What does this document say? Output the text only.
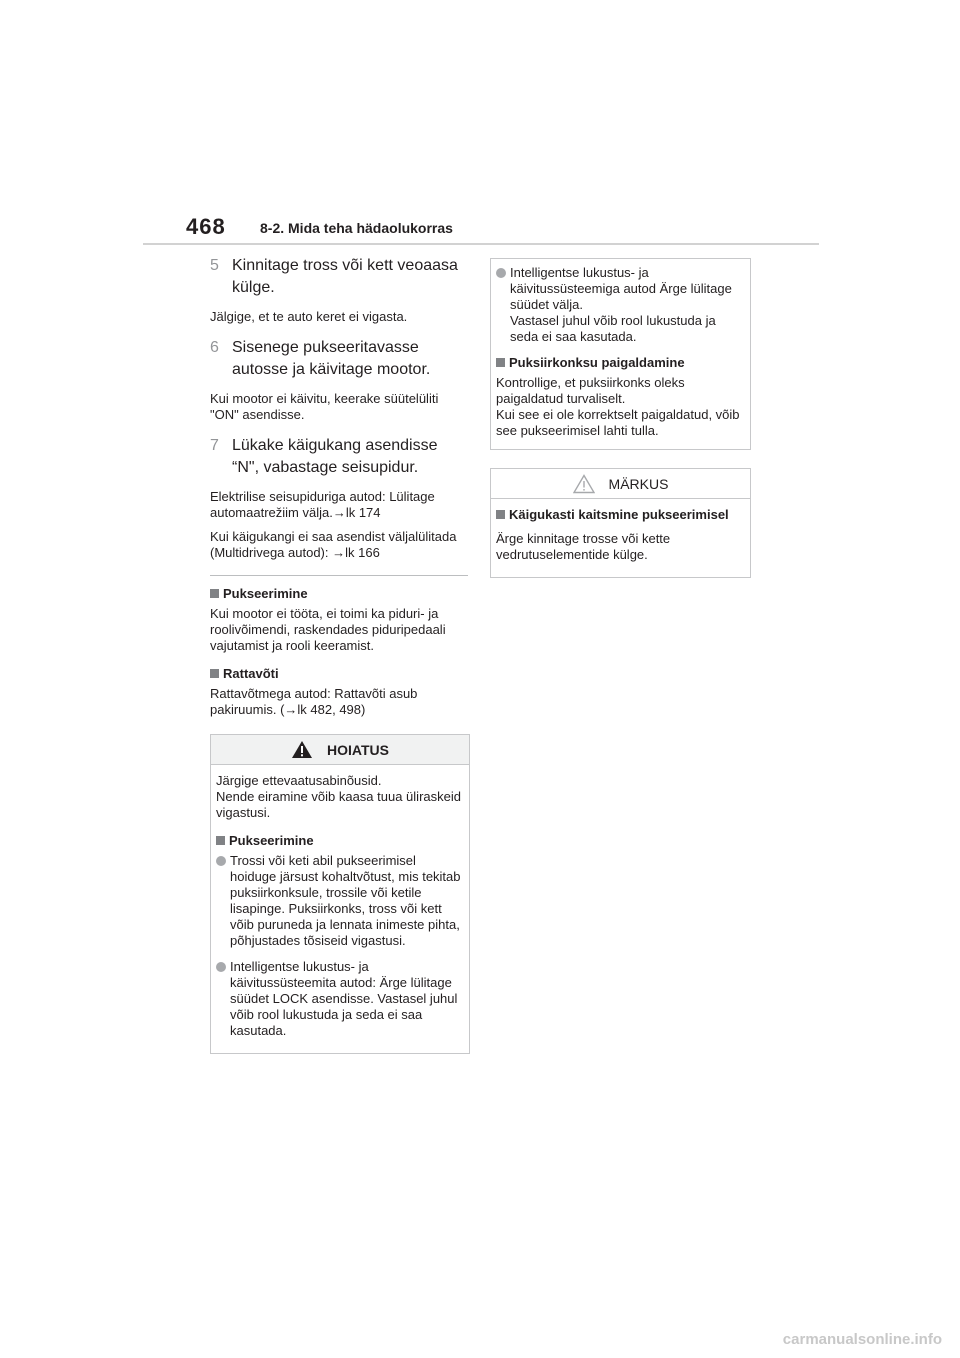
468 8-2. Mida teha hädaolukorras
5 Kinnitage tross või kett veoaasa külge.

Jälgige, et te auto keret ei vigasta.

6 Sisenege pukseeritavasse autosse ja käivitage mootor.

Kui mootor ei käivitu, keerake süütelüliti "ON" asendisse.

7 Lükake käigukang asendisse “N", vabastage seisupidur.

Elektrilise seisupiduriga autod: Lülitage automaatrežiim välja.→lk 174

Kui käigukangi ei saa asendist väljalülitada (Multidrivega autod): →lk 166

Pukseerimine

Kui mootor ei tööta, ei toimi ka piduri- ja roolivõimendi, raskendades piduripedaali vajutamist ja rooli keeramist.

Rattavõti

Rattavõtmega autod: Rattavõti asub pakiruumis. (→lk 482, 498)

HOIATUS

Järgige ettevaatusabinõusid.
Nende eiramine võib kaasa tuua üliraskeid vigastusi.

Pukseerimine
Trossi või keti abil pukseerimisel hoiduge järsust kohaltvõtust, mis tekitab puksiirkonksule, trossile või ketile lisapinge. Puksiirkonks, tross või kett võib puruneda ja lennata inimeste pihta, põhjustades tõsiseid vigastusi.
Intelligentse lukustus- ja käivitussüsteemita autod: Ärge lülitage süüdet LOCK asendisse. Vastasel juhul võib rool lukustuda ja seda ei saa kasutada.
Intelligentse lukustus- ja käivitussüsteemiga autod Ärge lülitage süüdet välja.
Vastasel juhul võib rool lukustuda ja seda ei saa kasutada.
Puksiirkonksu paigaldamine

Kontrollige, et puksiirkonks oleks paigaldatud turvaliselt.
Kui see ei ole korrektselt paigaldatud, võib see pukseerimisel lahti tulla.

MÄRKUS
Käigukasti kaitsmine pukseerimisel

Ärge kinnitage trosse või kette vedrutuselementide külge.

carmanualsonline.info
